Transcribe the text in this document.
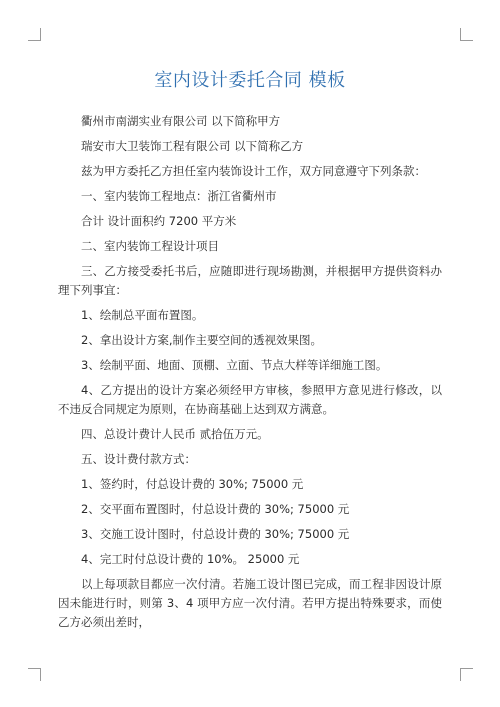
室内设计委托合同 模板

衢州市南湖实业有限公司 以下简称甲方

瑞安市大卫装饰工程有限公司 以下简称乙方

兹为甲方委托乙方担任室内装饰设计工作，双方同意遵守下列条款：

一、室内装饰工程地点：浙江省衢州市

合计 设计面积约 7200 平方米

二、室内装饰工程设计项目

三、乙方接受委托书后，应随即进行现场勘测，并根据甲方提供资料办理下列事宜：

1、绘制总平面布置图。

2、拿出设计方案,制作主要空间的透视效果图。

3、绘制平面、地面、顶棚、立面、节点大样等详细施工图。

4、乙方提出的设计方案必须经甲方审核，参照甲方意见进行修改，以不违反合同规定为原则，在协商基础上达到双方满意。

四、总设计费计人民币 贰拾伍万元。

五、设计费付款方式：

1、签约时，付总设计费的 30%; 75000 元

2、交平面布置图时，付总设计费的 30%; 75000 元

3、交施工设计图时，付总设计费的 30%; 75000 元

4、完工时付总设计费的 10%。 25000 元

以上每项款目都应一次付清。若施工设计图已完成，而工程非因设计原因未能进行时，则第 3、4 项甲方应一次付清。若甲方提出特殊要求，而使乙方必须出差时，
